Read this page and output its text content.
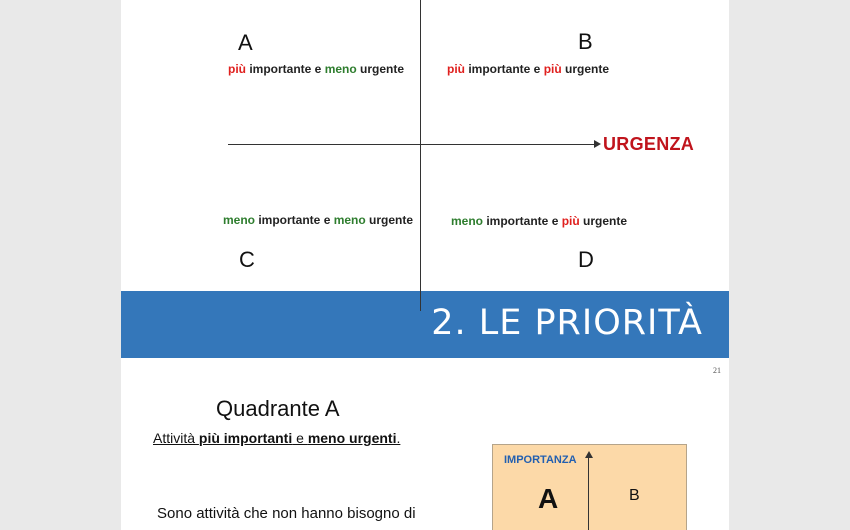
URGENZA
A
più importante e meno urgente
B
più importante e più urgente
meno importante e meno urgente
C
meno importante e più urgente
D
2. LE PRIORITÀ
21
Quadrante A
Attività più importanti e meno urgenti.
Sono attività che non hanno bisogno di
IMPORTANZA
A	B
